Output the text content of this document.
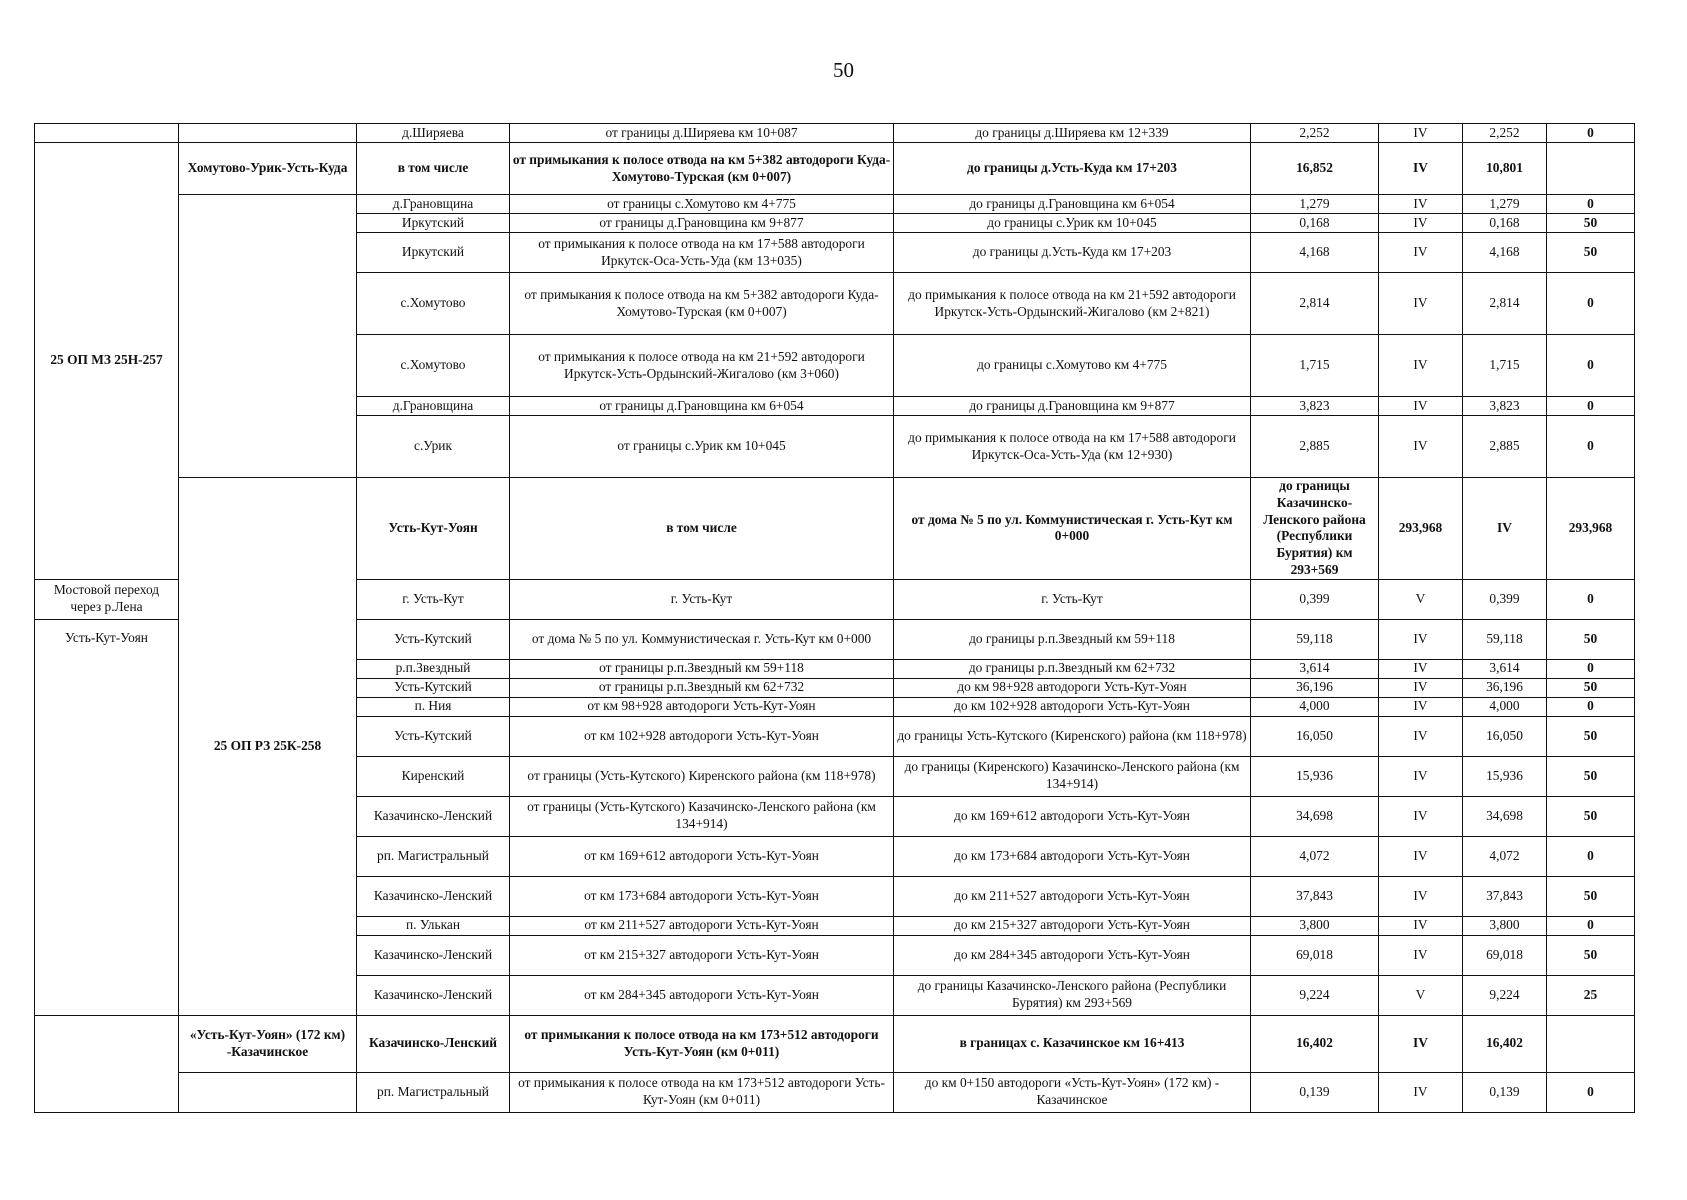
50
		д.Ширяева	от границы д.Ширяева км 10+087	до границы д.Ширяева км 12+339	2,252	IV	2,252	0	
25 ОП МЗ 25Н-257	Хомутово-Урик-Усть-Куда	в том числе	от примыкания к полосе отвода на км 5+382 автодороги Куда-Хомутово-Турская (км 0+007)	до границы д.Усть-Куда км 17+203	16,852	IV	10,801		
		д.Грановщина	от границы с.Хомутово км 4+775	до границы д.Грановщина км 6+054	1,279	IV	1,279	0	
		Иркутский	от границы д.Грановщина км 9+877	до границы с.Урик км 10+045	0,168	IV	0,168	50	
		Иркутский	от примыкания к полосе отвода на км 17+588 автодороги Иркутск-Оса-Усть-Уда (км 13+035)	до границы д.Усть-Куда км 17+203	4,168	IV	4,168	50	
		с.Хомутово	от примыкания к полосе отвода на км 5+382 автодороги Куда-Хомутово-Турская (км 0+007)	до примыкания к полосе отвода на км 21+592 автодороги Иркутск-Усть-Ордынский-Жигалово (км 2+821)	2,814	IV	2,814	0	
		с.Хомутово	от примыкания к полосе отвода на км 21+592 автодороги Иркутск-Усть-Ордынский-Жигалово (км 3+060)	до границы с.Хомутово км 4+775	1,715	IV	1,715	0	
		д.Грановщина	от границы д.Грановщина км 6+054	до границы д.Грановщина км 9+877	3,823	IV	3,823	0	
		с.Урик	от границы с.Урик км 10+045	до примыкания к полосе отвода на км 17+588 автодороги Иркутск-Оса-Усть-Уда (км 12+930)	2,885	IV	2,885	0	
	25 ОП РЗ 25К-258	Усть-Кут-Уоян	в том числе	от дома № 5 по ул. Коммунистическая г. Усть-Кут км 0+000	до границы Казачинско-Ленского района (Республики Бурятия) км 293+569	293,968	IV	293,968	
Мостовой переход через р.Лена		г. Усть-Кут	г. Усть-Кут	г. Усть-Кут	0,399	V	0,399	0	
Усть-Кут-Уоян		Усть-Кутский	от дома № 5 по ул. Коммунистическая г. Усть-Кут км 0+000	до границы р.п.Звездный км 59+118	59,118	IV	59,118	50	
		р.п.Звездный	от границы р.п.Звездный км 59+118	до границы р.п.Звездный км 62+732	3,614	IV	3,614	0	
		Усть-Кутский	от границы р.п.Звездный км 62+732	до км 98+928 автодороги Усть-Кут-Уоян	36,196	IV	36,196	50	
		п. Ния	от км 98+928 автодороги Усть-Кут-Уоян	до км 102+928 автодороги Усть-Кут-Уоян	4,000	IV	4,000	0	
		Усть-Кутский	от км 102+928 автодороги Усть-Кут-Уоян	до границы Усть-Кутского (Киренского) района (км 118+978)	16,050	IV	16,050	50	
		Киренский	от границы (Усть-Кутского) Киренского района (км 118+978)	до границы (Киренского) Казачинско-Ленского района (км 134+914)	15,936	IV	15,936	50	
		Казачинско-Ленский	от границы (Усть-Кутского) Казачинско-Ленского района (км 134+914)	до км 169+612 автодороги Усть-Кут-Уоян	34,698	IV	34,698	50	
		рп. Магистральный	от км 169+612 автодороги Усть-Кут-Уоян	до км 173+684 автодороги Усть-Кут-Уоян	4,072	IV	4,072	0	
		Казачинско-Ленский	от км 173+684 автодороги Усть-Кут-Уоян	до км 211+527 автодороги Усть-Кут-Уоян	37,843	IV	37,843	50	
		п. Улькан	от км 211+527 автодороги Усть-Кут-Уоян	до км 215+327 автодороги Усть-Кут-Уоян	3,800	IV	3,800	0	
		Казачинско-Ленский	от км 215+327 автодороги Усть-Кут-Уоян	до км 284+345 автодороги Усть-Кут-Уоян	69,018	IV	69,018	50	
		Казачинско-Ленский	от км 284+345 автодороги Усть-Кут-Уоян	до границы Казачинско-Ленского района (Республики Бурятия) км 293+569	9,224	V	9,224	25	
	«Усть-Кут-Уоян» (172 км) -Казачинское	Казачинско-Ленский	от примыкания к полосе отвода на км 173+512 автодороги Усть-Кут-Уоян (км 0+011)	в границах с. Казачинское км 16+413	16,402	IV	16,402		
		рп. Магистральный	от примыкания к полосе отвода на км 173+512 автодороги Усть-Кут-Уоян (км 0+011)	до км 0+150 автодороги «Усть-Кут-Уоян» (172 км) - Казачинское	0,139	IV	0,139	0	
